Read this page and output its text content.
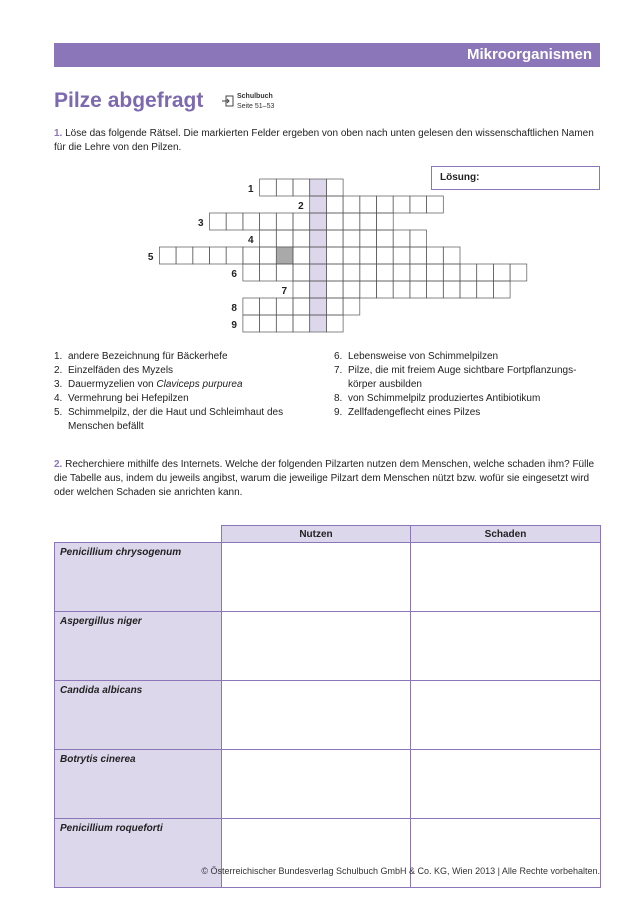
Mikroorganismen
Pilze abgefragt	Schulbuch
Seite 51–53
1. Löse das folgende Rätsel. Die markierten Felder ergeben von oben nach unten gelesen den wissenschaftlichen Namen für die Lehre von den Pilzen.
Lösung:
1
2
3
4
5
6
7
8
9
1. andere Bezeichnung für Bäckerhefe
2. Einzelfäden des Myzels
3. Dauermyzelien von Claviceps purpurea
4. Vermehrung bei Hefepilzen
5. Schimmelpilz, der die Haut und Schleimhaut des
Menschen befällt
6. Lebensweise von Schimmelpilzen
7. Pilze, die mit freiem Auge sichtbare Fortpflanzungs-
körper ausbilden
8. von Schimmelpilz produziertes Antibiotikum
9. Zellfadengeflecht eines Pilzes
2. Recherchiere mithilfe des Internets. Welche der folgenden Pilzarten nutzen dem Menschen, welche schaden ihm? Fülle die Tabelle aus, indem du jeweils angibst, warum die jeweilige Pilzart dem Menschen nützt bzw. wofür sie eingesetzt wird oder welchen Schaden sie anrichten kann.
	Nutzen	Schaden
Penicillium chrysogenum		
Aspergillus niger		
Candida albicans		
Botrytis cinerea		
Penicillium roqueforti		
© Österreichischer Bundesverlag Schulbuch GmbH & Co. KG, Wien 2013 | Alle Rechte vorbehalten.
